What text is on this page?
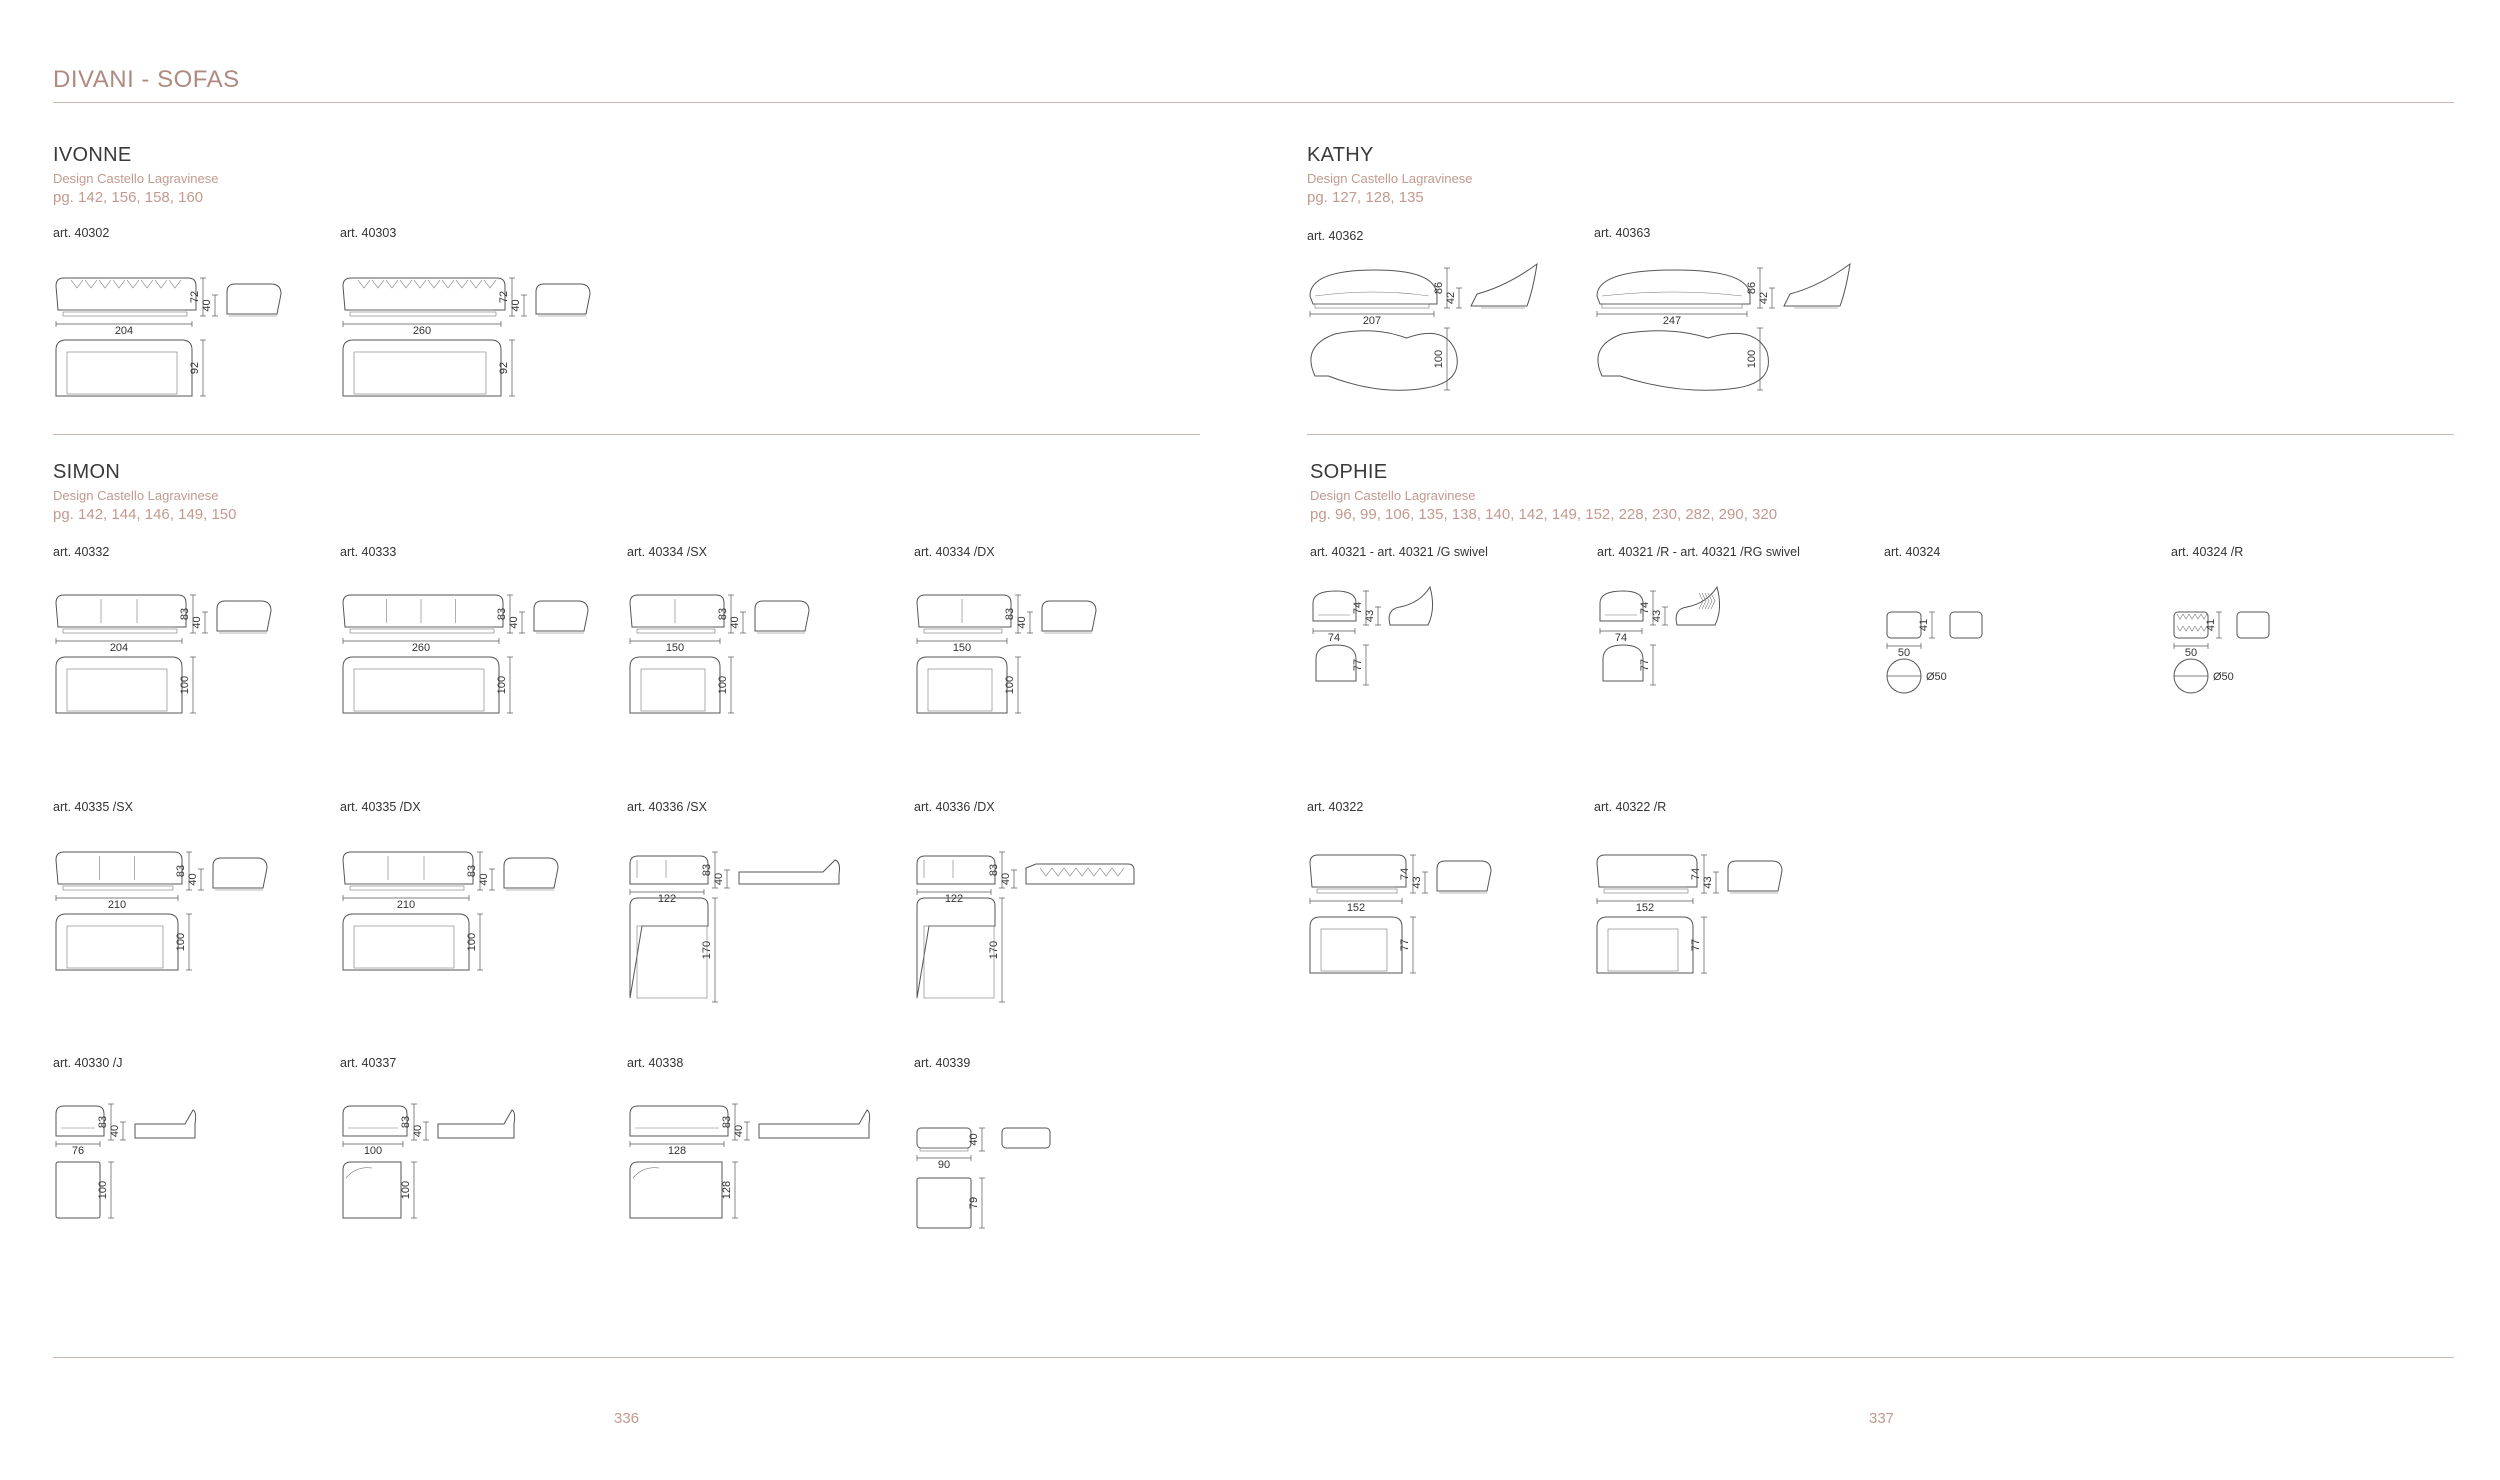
DIVANI - SOFAS
IVONNE
Design Castello Lagravinese
pg. 142, 156, 158, 160
KATHY
Design Castello Lagravinese
pg. 127, 128, 135
SIMON
Design Castello Lagravinese
pg. 142, 144, 146, 149, 150
SOPHIE
Design Castello Lagravinese
pg. 96, 99, 106, 135, 138, 140, 142, 149, 152, 228, 230, 282, 290, 320
art. 40302	art. 40303	art. 40362	art. 40363
art. 40332	art. 40333	art. 40334 /SX	art. 40334 /DX	art. 40321 - art. 40321 /G swivel	art. 40321 /R - art. 40321 /RG swivel	art. 40324	art. 40324 /R
art. 40335 /SX	art. 40335 /DX	art. 40336 /SX	art. 40336 /DX	art. 40322	art. 40322 /R
art. 40330 /J	art. 40337	art. 40338	art. 40339
72
40
204
92
72
40
260
92
86
42
207
100
86
42
247
100
83
40
204
100
83
40
260
100
83
40
150
100
83
40
150
100
74
43
74
77
74
43
74
77
41
50
Ø50
41
50
Ø50
83
40
210
100
83
40
210
100
83
40
122
170
83
40
122
170
74
43
152
77
74
43
152
77
83
40
76
100
83
40
100
100
83
40
128
128
40
90
79
336	337
